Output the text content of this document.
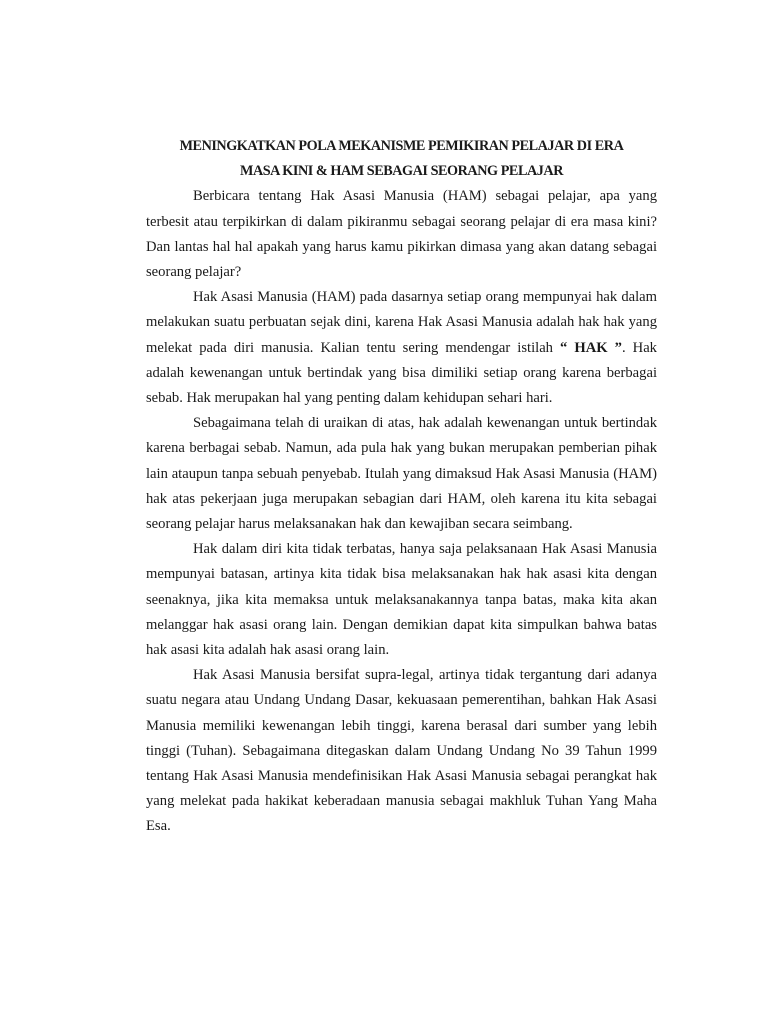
MENINGKATKAN POLA MEKANISME PEMIKIRAN PELAJAR DI ERA
MASA KINI & HAM SEBAGAI SEORANG PELAJAR

Berbicara tentang Hak Asasi Manusia (HAM) sebagai pelajar, apa yang terbesit atau terpikirkan di dalam pikiranmu sebagai seorang pelajar di era masa kini? Dan lantas hal hal apakah yang harus kamu pikirkan dimasa yang akan datang sebagai seorang pelajar?

Hak Asasi Manusia (HAM) pada dasarnya setiap orang mempunyai hak dalam melakukan suatu perbuatan sejak dini, karena Hak Asasi Manusia adalah hak hak yang melekat pada diri manusia. Kalian tentu sering mendengar istilah “ HAK ”. Hak adalah kewenangan untuk bertindak yang bisa dimiliki setiap orang karena berbagai sebab. Hak merupakan hal yang penting dalam kehidupan sehari hari.

Sebagaimana telah di uraikan di atas, hak adalah kewenangan untuk bertindak karena berbagai sebab. Namun, ada pula hak yang bukan merupakan pemberian pihak lain ataupun tanpa sebuah penyebab. Itulah yang dimaksud Hak Asasi Manusia (HAM) hak atas pekerjaan juga merupakan sebagian dari HAM, oleh karena itu kita sebagai seorang pelajar harus melaksanakan hak dan kewajiban secara seimbang.

Hak dalam diri kita tidak terbatas, hanya saja pelaksanaan Hak Asasi Manusia mempunyai batasan, artinya kita tidak bisa melaksanakan hak hak asasi kita dengan seenaknya, jika kita memaksa untuk melaksanakannya tanpa batas, maka kita akan melanggar hak asasi orang lain. Dengan demikian dapat kita simpulkan bahwa batas hak asasi kita adalah hak asasi orang lain.

Hak Asasi Manusia bersifat supra-legal, artinya tidak tergantung dari adanya suatu negara atau Undang Undang Dasar, kekuasaan pemerentihan, bahkan Hak Asasi Manusia memiliki kewenangan lebih tinggi, karena berasal dari sumber yang lebih tinggi (Tuhan). Sebagaimana ditegaskan dalam Undang Undang No 39 Tahun 1999 tentang Hak Asasi Manusia mendefinisikan Hak Asasi Manusia sebagai perangkat hak yang melekat pada hakikat keberadaan manusia sebagai makhluk Tuhan Yang Maha Esa.
